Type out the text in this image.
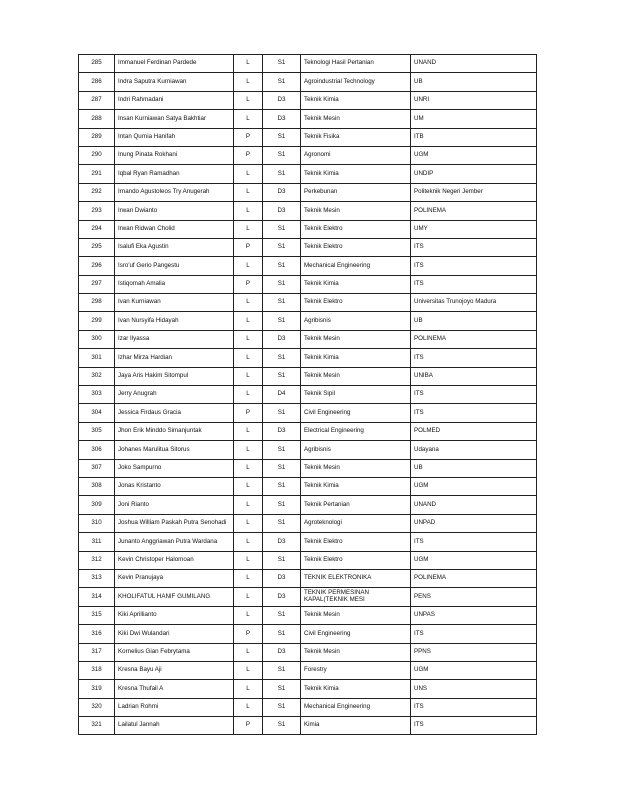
285	Immanuel Ferdinan Pardede	L	S1	Teknologi Hasil Pertanian	UNAND
286	Indra Saputra Kurniawan	L	S1	Agroindustrial Technology	UB
287	Indri Rahmadani	L	D3	Teknik Kimia	UNRI
288	Insan Kurniawan Satya Bakhtiar	L	D3	Teknik Mesin	UM
289	Intan Qurnia Hanifah	P	S1	Teknik Fisika	ITB
290	Inung Pinata Rokhani	P	S1	Agronomi	UGM
291	Iqbal Ryan Ramadhan	L	S1	Teknik Kimia	UNDIP
292	Irnando Agustoleos Try Anugerah	L	D3	Perkebunan	Politeknik Negeri Jember
293	Irwan Dwianto	L	D3	Teknik Mesin	POLINEMA
294	Irwan Ridwan Cholid	L	S1	Teknik Elektro	UMY
295	Isalufi Eka Agustin	P	S1	Teknik Elektro	ITS
296	Isro'uf Gerio Pangestu	L	S1	Mechanical Engineering	ITS
297	Istiqomah Amalia	P	S1	Teknik Kimia	ITS
298	Ivan Kurniawan	L	S1	Teknik Elektro	Universitas Trunojoyo Madura
299	Ivan Nursyifa Hidayah	L	S1	Agribisnis	UB
300	Izar Ilyassa	L	D3	Teknik Mesin	POLINEMA
301	Izhar Mirza Hardian	L	S1	Teknik Kimia	ITS
302	Jaya Aris Hakim Sitompul	L	S1	Teknik Mesin	UNIBA
303	Jerry Anugrah	L	D4	Teknik Sipil	ITS
304	Jessica Firdaus Gracia	P	S1	Civil Engineering	ITS
305	Jhon Erik Minddo Simanjuntak	L	D3	Electrical Engineering	POLMED
306	Johanes Marulitua Sitorus	L	S1	Agribisnis	Udayana
307	Joko Sampurno	L	S1	Teknik Mesin	UB
308	Jonas Kristanto	L	S1	Teknik Kimia	UGM
309	Joni Rianto	L	S1	Teknik Pertanian	UNAND
310	Joshua William Paskah Putra Senohadi	L	S1	Agroteknologi	UNPAD
311	Junanto Anggriawan Putra Wardana	L	D3	Teknik Elektro	ITS
312	Kevin Christoper Halomoan	L	S1	Teknik Elektro	UGM
313	Kevin Pranujaya	L	D3	TEKNIK ELEKTRONIKA	POLINEMA
314	KHOLIFATUL HANIF GUMILANG	L	D3	TEKNIK PERMESINAN KAPAL(TEKNIK MESI	PENS
315	Kiki Aprillianto	L	S1	Teknik Mesin	UNPAS
316	Kiki Dwi Wulandari	P	S1	Civil Engineering	ITS
317	Kornelius Gian Febrytama	L	D3	Teknik Mesin	PPNS
318	Kresna Bayu Aji	L	S1	Forestry	UGM
319	Kresna Thufail A	L	S1	Teknik Kimia	UNS
320	Ladrian Rohmi	L	S1	Mechanical Engineering	ITS
321	Lailatul Jannah	P	S1	Kimia	ITS
